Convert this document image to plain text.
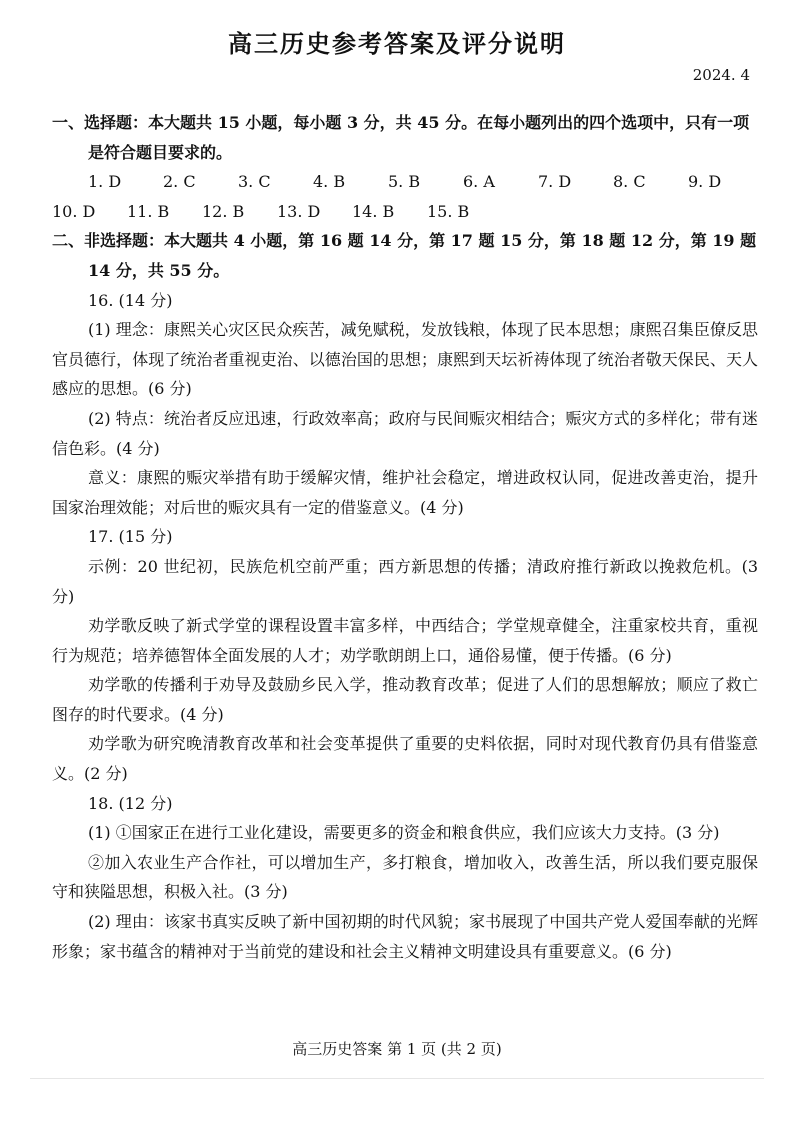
高三历史参考答案及评分说明
2024. 4
一、选择题：本大题共 15 小题，每小题 3 分，共 45 分。在每小题列出的四个选项中，只有一项是符合题目要求的。
1. D	2. C	3. C	4. B	5. B	6. A	7. D	8. C	9. D
10. D 11. B 12. B 13. D 14. B 15. B
二、非选择题：本大题共 4 小题，第 16 题 14 分，第 17 题 15 分，第 18 题 12 分，第 19 题 14 分，共 55 分。
16. (14 分)
(1) 理念：康熙关心灾区民众疾苦，减免赋税，发放钱粮，体现了民本思想；康熙召集臣僚反思官员德行，体现了统治者重视吏治、以德治国的思想；康熙到天坛祈祷体现了统治者敬天保民、天人感应的思想。(6 分)
(2) 特点：统治者反应迅速，行政效率高；政府与民间赈灾相结合；赈灾方式的多样化；带有迷信色彩。(4 分)
意义：康熙的赈灾举措有助于缓解灾情，维护社会稳定，增进政权认同，促进改善吏治，提升国家治理效能；对后世的赈灾具有一定的借鉴意义。(4 分)
17. (15 分)
示例：20 世纪初，民族危机空前严重；西方新思想的传播；清政府推行新政以挽救危机。(3 分)
劝学歌反映了新式学堂的课程设置丰富多样，中西结合；学堂规章健全，注重家校共育，重视行为规范；培养德智体全面发展的人才；劝学歌朗朗上口，通俗易懂，便于传播。(6 分)
劝学歌的传播利于劝导及鼓励乡民入学，推动教育改革；促进了人们的思想解放；顺应了救亡图存的时代要求。(4 分)
劝学歌为研究晚清教育改革和社会变革提供了重要的史料依据，同时对现代教育仍具有借鉴意义。(2 分)
18. (12 分)
(1) ①国家正在进行工业化建设，需要更多的资金和粮食供应，我们应该大力支持。(3 分)
②加入农业生产合作社，可以增加生产，多打粮食，增加收入，改善生活，所以我们要克服保守和狭隘思想，积极入社。(3 分)
(2) 理由：该家书真实反映了新中国初期的时代风貌；家书展现了中国共产党人爱国奉献的光辉形象；家书蕴含的精神对于当前党的建设和社会主义精神文明建设具有重要意义。(6 分)
高三历史答案 第 1 页 (共 2 页)
